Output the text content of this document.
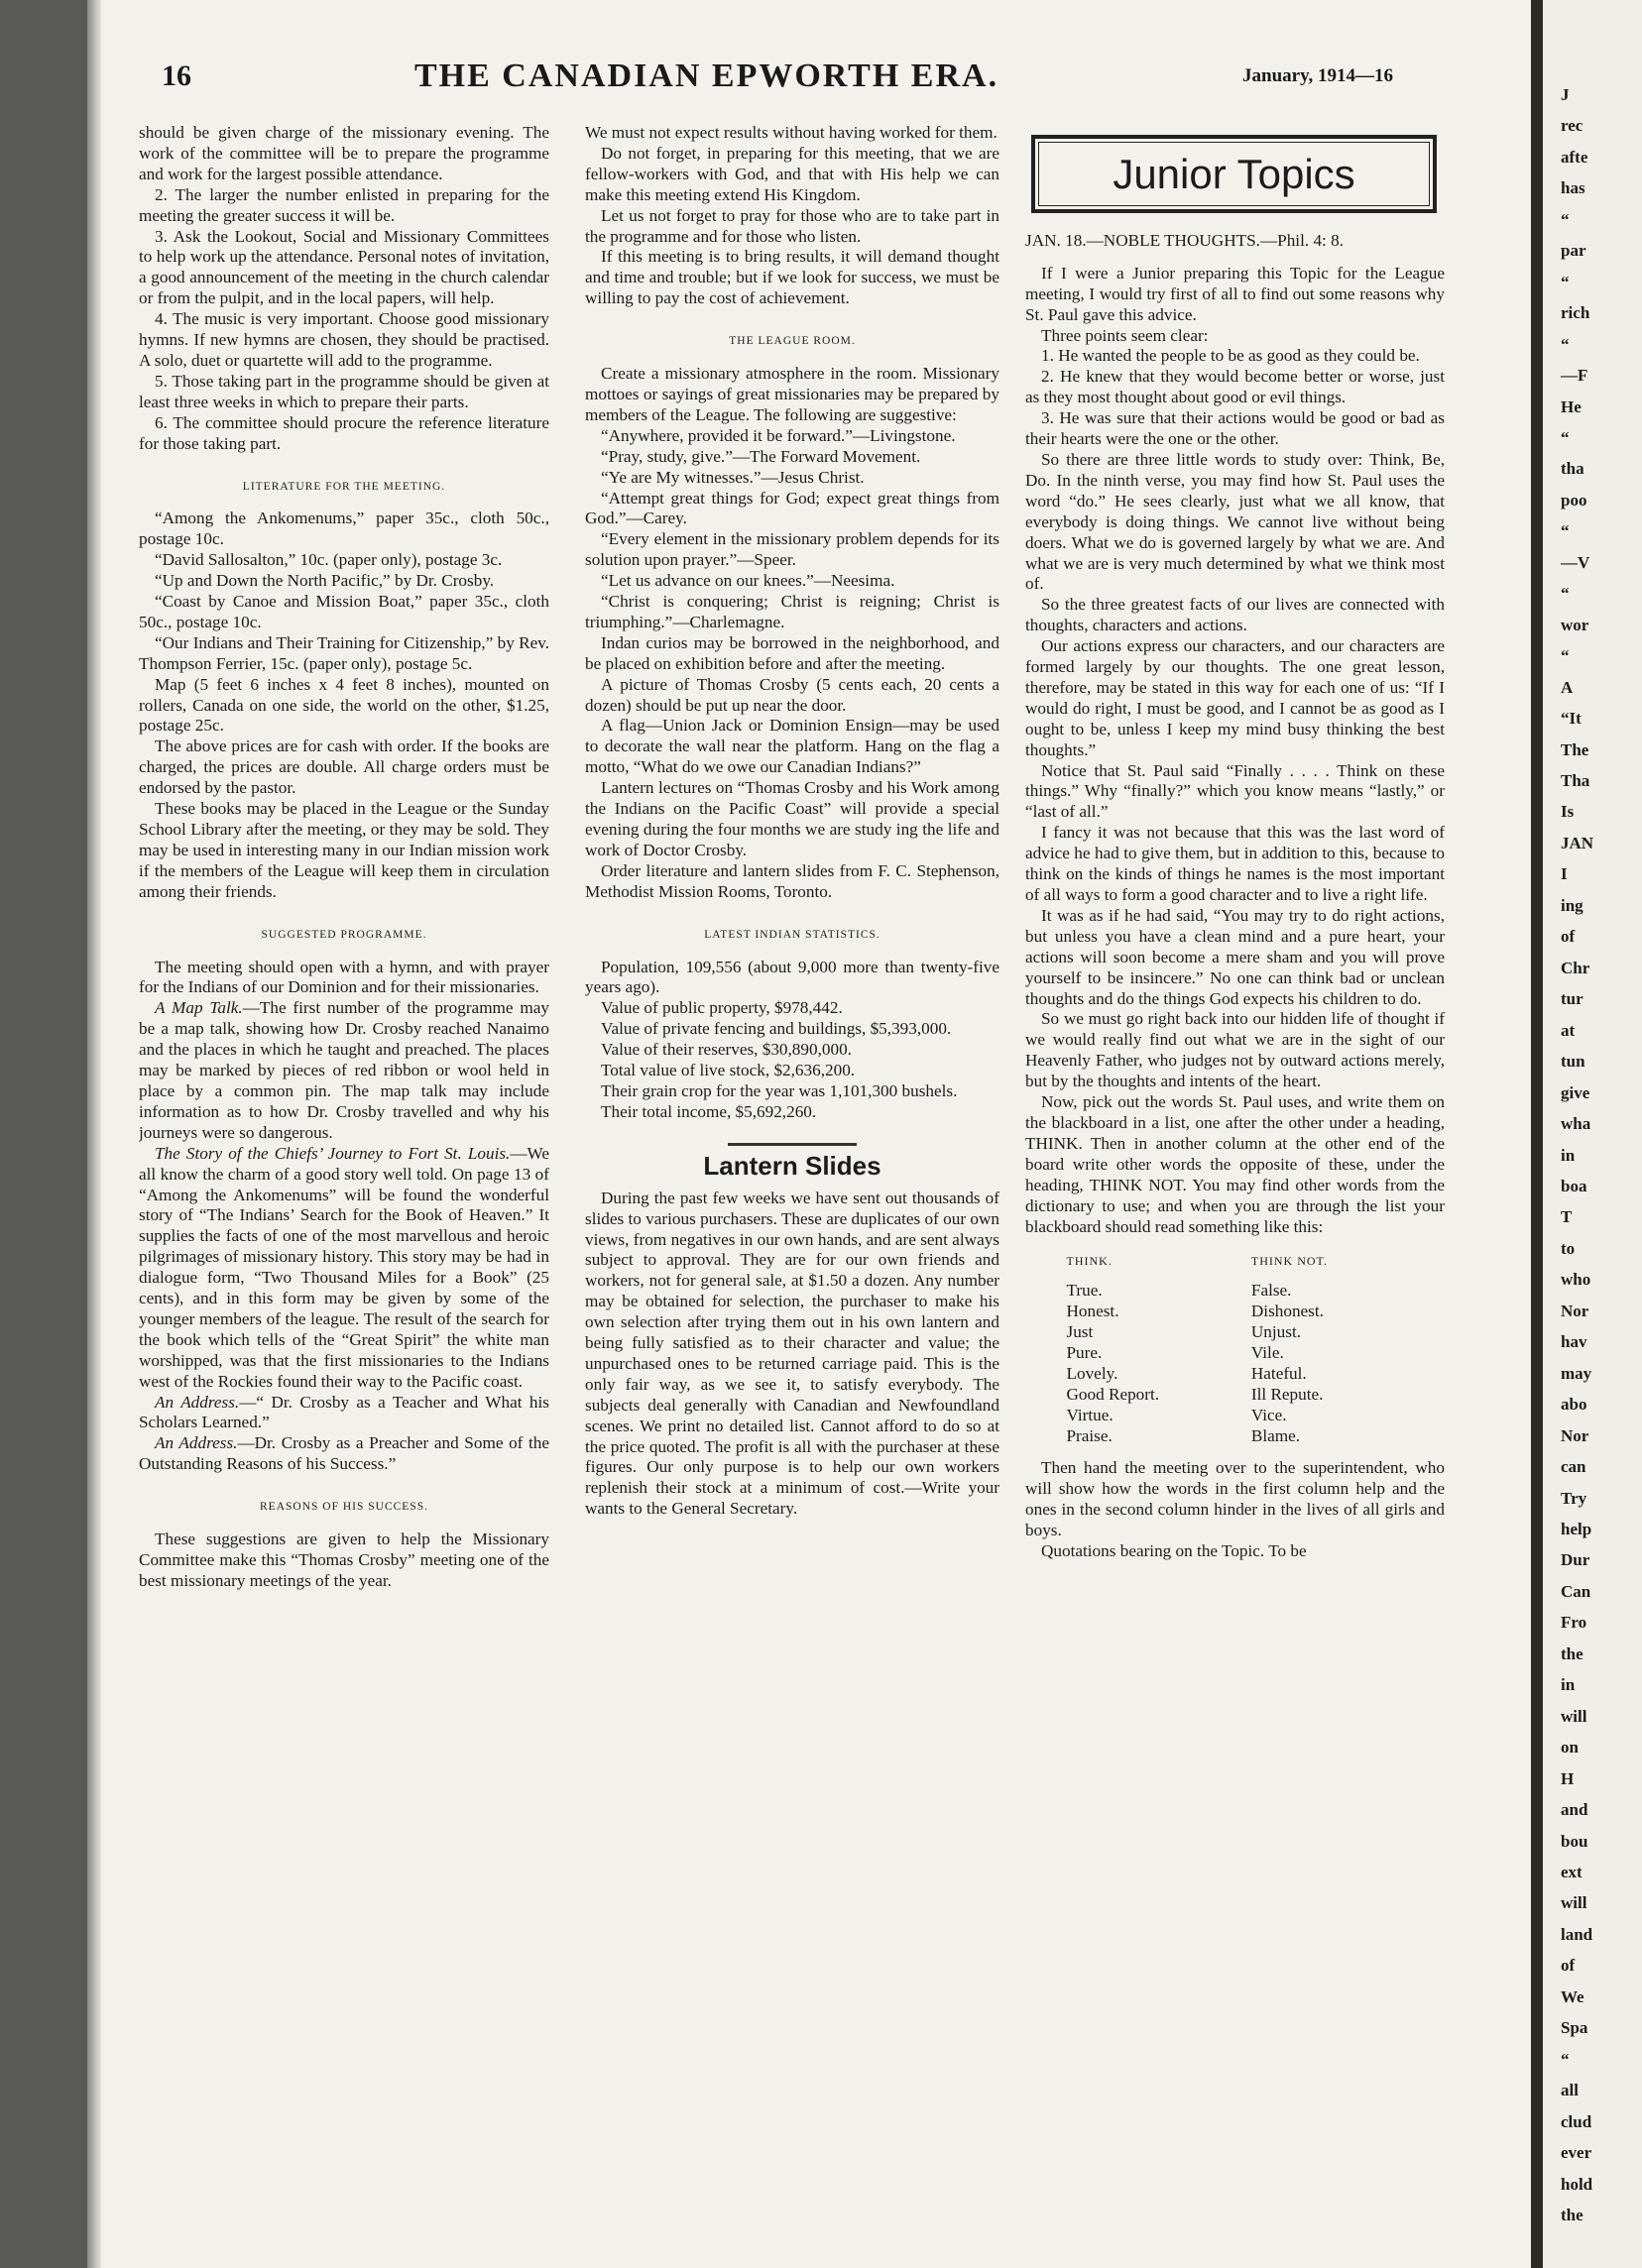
16	THE CANADIAN EPWORTH ERA.	January, 1914—16

should be given charge of the missionary evening. The work of the committee will be to prepare the programme and work for the largest possible attendance.

2. The larger the number enlisted in preparing for the meeting the greater success it will be.

3. Ask the Lookout, Social and Missionary Committees to help work up the attendance. Personal notes of invitation, a good announcement of the meeting in the church calendar or from the pulpit, and in the local papers, will help.

4. The music is very important. Choose good missionary hymns. If new hymns are chosen, they should be practised. A solo, duet or quartette will add to the programme.

5. Those taking part in the programme should be given at least three weeks in which to prepare their parts.

6. The committee should procure the reference literature for those taking part.

LITERATURE FOR THE MEETING.

“Among the Ankomenums,” paper 35c., cloth 50c., postage 10c.

“David Sallosalton,” 10c. (paper only), postage 3c.

“Up and Down the North Pacific,” by Dr. Crosby.

“Coast by Canoe and Mission Boat,” paper 35c., cloth 50c., postage 10c.

“Our Indians and Their Training for Citizenship,” by Rev. Thompson Ferrier, 15c. (paper only), postage 5c.

Map (5 feet 6 inches x 4 feet 8 inches), mounted on rollers, Canada on one side, the world on the other, $1.25, postage 25c.

The above prices are for cash with order. If the books are charged, the prices are double. All charge orders must be endorsed by the pastor.

These books may be placed in the League or the Sunday School Library after the meeting, or they may be sold. They may be used in interesting many in our Indian mission work if the members of the League will keep them in circulation among their friends.

SUGGESTED PROGRAMME.

The meeting should open with a hymn, and with prayer for the Indians of our Dominion and for their missionaries.

A Map Talk.—The first number of the programme may be a map talk, showing how Dr. Crosby reached Nanaimo and the places in which he taught and preached. The places may be marked by pieces of red ribbon or wool held in place by a common pin. The map talk may include information as to how Dr. Crosby travelled and why his journeys were so dangerous.

The Story of the Chiefs’ Journey to Fort St. Louis.—We all know the charm of a good story well told. On page 13 of “Among the Ankomenums” will be found the wonderful story of “The Indians’ Search for the Book of Heaven.” It supplies the facts of one of the most marvellous and heroic pilgrimages of missionary history. This story may be had in dialogue form, “Two Thousand Miles for a Book” (25 cents), and in this form may be given by some of the younger members of the league. The result of the search for the book which tells of the “Great Spirit” the white man worshipped, was that the first missionaries to the Indians west of the Rockies found their way to the Pacific coast.

An Address.—“ Dr. Crosby as a Teacher and What his Scholars Learned.”

An Address.—Dr. Crosby as a Preacher and Some of the Outstanding Reasons of his Success.”

REASONS OF HIS SUCCESS.

These suggestions are given to help the Missionary Committee make this “Thomas Crosby” meeting one of the best missionary meetings of the year.

We must not expect results without having worked for them.

Do not forget, in preparing for this meeting, that we are fellow-workers with God, and that with His help we can make this meeting extend His Kingdom.

Let us not forget to pray for those who are to take part in the programme and for those who listen.

If this meeting is to bring results, it will demand thought and time and trouble; but if we look for success, we must be willing to pay the cost of achievement.

THE LEAGUE ROOM.

Create a missionary atmosphere in the room. Missionary mottoes or sayings of great missionaries may be prepared by members of the League. The following are suggestive:

“Anywhere, provided it be forward.”—Livingstone.

“Pray, study, give.”—The Forward Movement.

“Ye are My witnesses.”—Jesus Christ.

“Attempt great things for God; expect great things from God.”—Carey.

“Every element in the missionary problem depends for its solution upon prayer.”—Speer.

“Let us advance on our knees.”—Neesima.

“Christ is conquering; Christ is reigning; Christ is triumphing.”—Charlemagne.

Indan curios may be borrowed in the neighborhood, and be placed on exhibition before and after the meeting.

A picture of Thomas Crosby (5 cents each, 20 cents a dozen) should be put up near the door.

A flag—Union Jack or Dominion Ensign—may be used to decorate the wall near the platform. Hang on the flag a motto, “What do we owe our Canadian Indians?”

Lantern lectures on “Thomas Crosby and his Work among the Indians on the Pacific Coast” will provide a special evening during the four months we are study ing the life and work of Doctor Crosby.

Order literature and lantern slides from F. C. Stephenson, Methodist Mission Rooms, Toronto.

LATEST INDIAN STATISTICS.

Population, 109,556 (about 9,000 more than twenty-five years ago).

Value of public property, $978,442.

Value of private fencing and buildings, $5,393,000.

Value of their reserves, $30,890,000.

Total value of live stock, $2,636,200.

Their grain crop for the year was 1,101,300 bushels.

Their total income, $5,692,260.

Lantern Slides

During the past few weeks we have sent out thousands of slides to various purchasers. These are duplicates of our own views, from negatives in our own hands, and are sent always subject to approval. They are for our own friends and workers, not for general sale, at $1.50 a dozen. Any number may be obtained for selection, the purchaser to make his own selection after trying them out in his own lantern and being fully satisfied as to their character and value; the unpurchased ones to be returned carriage paid. This is the only fair way, as we see it, to satisfy everybody. The subjects deal generally with Canadian and Newfoundland scenes. We print no detailed list. Cannot afford to do so at the price quoted. The profit is all with the purchaser at these figures. Our only purpose is to help our own workers replenish their stock at a minimum of cost.—Write your wants to the General Secretary.

Junior Topics

JAN. 18.—NOBLE THOUGHTS.—Phil. 4: 8.

If I were a Junior preparing this Topic for the League meeting, I would try first of all to find out some reasons why St. Paul gave this advice.

Three points seem clear:

1. He wanted the people to be as good as they could be.

2. He knew that they would become better or worse, just as they most thought about good or evil things.

3. He was sure that their actions would be good or bad as their hearts were the one or the other.

So there are three little words to study over: Think, Be, Do. In the ninth verse, you may find how St. Paul uses the word “do.” He sees clearly, just what we all know, that everybody is doing things. We cannot live without being doers. What we do is governed largely by what we are. And what we are is very much determined by what we think most of.

So the three greatest facts of our lives are connected with thoughts, characters and actions.

Our actions express our characters, and our characters are formed largely by our thoughts. The one great lesson, therefore, may be stated in this way for each one of us: “If I would do right, I must be good, and I cannot be as good as I ought to be, unless I keep my mind busy thinking the best thoughts.”

Notice that St. Paul said “Finally . . . . Think on these things.” Why “finally?” which you know means “lastly,” or “last of all.”

I fancy it was not because that this was the last word of advice he had to give them, but in addition to this, because to think on the kinds of things he names is the most important of all ways to form a good character and to live a right life.

It was as if he had said, “You may try to do right actions, but unless you have a clean mind and a pure heart, your actions will soon become a mere sham and you will prove yourself to be insincere.” No one can think bad or unclean thoughts and do the things God expects his children to do.

So we must go right back into our hidden life of thought if we would really find out what we are in the sight of our Heavenly Father, who judges not by outward actions merely, but by the thoughts and intents of the heart.

Now, pick out the words St. Paul uses, and write them on the blackboard in a list, one after the other under a heading, THINK. Then in another column at the other end of the board write other words the opposite of these, under the heading, THINK NOT. You may find other words from the dictionary to use; and when you are through the list your blackboard should read something like this:

THINK.	THINK NOT.
True.	False.
Honest.	Dishonest.
Just	Unjust.
Pure.	Vile.
Lovely.	Hateful.
Good Report.	Ill Repute.
Virtue.	Vice.
Praise.	Blame.

Then hand the meeting over to the superintendent, who will show how the words in the first column help and the ones in the second column hinder in the lives of all girls and boys.

Quotations bearing on the Topic. To be

J
rec
afte
has
“
par
“
rich
“
—F
He
“
tha
poo
“
—V
“
wor
“
A
“It
The
Tha
Is
JAN
I
ing
of
Chr
tur
at
tun
give
wha
in
boa
T
to
who
Nor
hav
may
abo
Nor
can
Try
help
Dur
Can
Fro
the
in
will
on
H
and
bou
ext
will
land
of
We
Spa
“
all
clud
ever
hold
the
